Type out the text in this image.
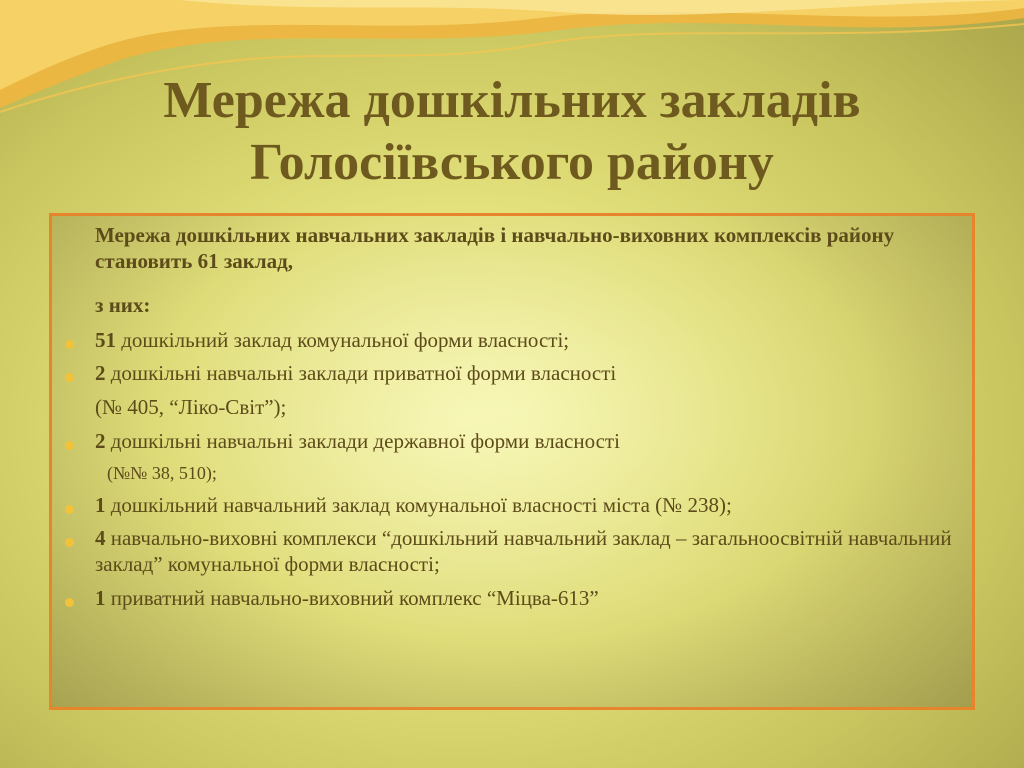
Мережа дошкільних закладів
Голосіївського району

Мережа дошкільних навчальних закладів і навчально-виховних комплексів району становить 61 заклад,

з них:

51 дошкільний заклад комунальної форми власності;

2 дошкільні навчальні заклади приватної форми власності

(№ 405, “Ліко-Світ”);

2 дошкільні навчальні заклади державної форми власності

(№№ 38, 510);

1 дошкільний навчальний заклад комунальної власності міста (№ 238);

4 навчально-виховні комплекси “дошкільний навчальний заклад – загальноосвітній навчальний заклад” комунальної форми власності;

1 приватний навчально-виховний комплекс “Міцва-613”
